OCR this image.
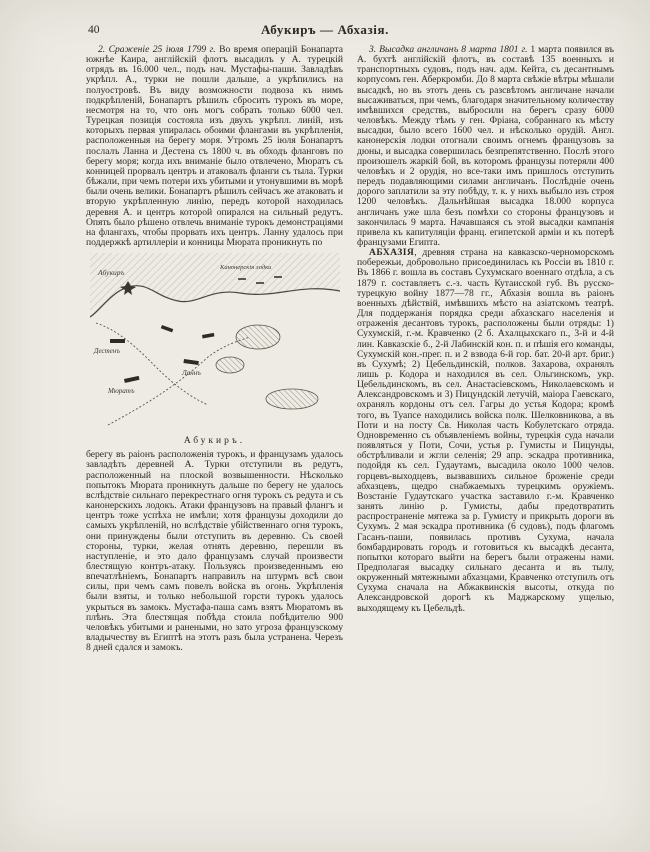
40	Абукиръ — Абхазія.

2. Сраженіе 25 іюля 1799 г. Во время операцій Бонапарта южнѣе Каира, англійскій флотъ высадилъ у А. турецкій отрядъ въ 16.000 чел., подъ нач. Мустафы-паши. Завладѣвъ укрѣпл. А., турки не пошли дальше, а укрѣпились на полуостровѣ. Въ виду возможности подвоза къ нимъ подкрѣпленій, Бонапартъ рѣшилъ сбросить турокъ въ море, несмотря на то, что онъ могъ собрать только 6000 чел. Турецкая позиція состояла изъ двухъ укрѣпл. линій, изъ которыхъ первая упиралась обоими флангами въ укрѣпленія, расположенныя на берегу моря. Утромъ 25 іюля Бонапартъ послалъ Ланна и Дестена съ 1800 ч. въ обходъ фланговъ по берегу моря; когда ихъ вниманіе было отвлечено, Мюратъ съ конницей прорвалъ центръ и атаковалъ фланги съ тыла. Турки бѣжали, при чемъ потери ихъ убитыми и утонувшими въ морѣ были очень велики. Бонапартъ рѣшилъ сейчасъ же атаковать и вторую укрѣпленную линію, передъ которой находилась деревня А. и центръ которой опирался на сильный редутъ. Опять было рѣшено отвлечь вниманіе турокъ демонстраціями на флангахъ, чтобы прорвать ихъ центръ. Ланну удалось при поддержкѣ артиллеріи и конницы Мюрата проникнуть по

Абукиръ
Канонерскія лодки
Дестенъ
Мюратъ
Ланнъ
Абукиръ.

берегу въ раіонъ расположенія турокъ, и французамъ удалось завладѣть деревней А. Турки отступили въ редутъ, расположенный на плоской возвышенности. Нѣсколько попытокъ Мюрата проникнуть дальше по берегу не удалось вслѣдствіе сильнаго перекрестнаго огня турокъ съ редута и съ канонерскихъ лодокъ. Атаки французовъ на правый флангъ и центръ тоже успѣха не имѣли; хотя французы доходили до самыхъ укрѣпленій, но вслѣдствіе убійственнаго огня турокъ, они принуждены были отступить въ деревню. Съ своей стороны, турки, желая отнять деревню, перешли въ наступленіе, и это дало французамъ случай произвести блестящую контръ-атаку. Пользуясь произведеннымъ ею впечатлѣніемъ, Бонапартъ направилъ на штурмъ всѣ свои силы, при чемъ самъ повелъ войска въ огонь. Укрѣпленія были взяты, и только небольшой горсти турокъ удалось укрыться въ замокъ. Мустафа-паша самъ взятъ Мюратомъ въ плѣнъ. Эта блестящая побѣда стоила побѣдителю 900 человѣкъ убитыми и ранеными, но зато угроза французскому владычеству въ Египтѣ на этотъ разъ была устранена. Черезъ 8 дней сдался и замокъ.

3. Высадка англичанъ 8 марта 1801 г. 1 марта появился въ А. бухтѣ англійскій флотъ, въ составѣ 135 военныхъ и транспортныхъ судовъ, подъ нач. адм. Кейта, съ десантнымъ корпусомъ ген. Аберкромби. До 8 марта свѣжіе вѣтры мѣшали высадкѣ, но въ этотъ день съ разсвѣтомъ англичане начали высаживаться, при чемъ, благодаря значительному количеству имѣвшихся средствъ, выбросили на берегъ сразу 6000 человѣкъ. Между тѣмъ у ген. Фріана, собраннаго къ мѣсту высадки, было всего 1600 чел. и нѣсколько орудій. Англ. канонерскія лодки отогнали своимъ огнемъ французовъ за дюны, и высадка совершилась безпрепятственно. Послѣ этого произошелъ жаркій бой, въ которомъ французы потеряли 400 человѣкъ и 2 орудія, но все-таки имъ пришлось отступить передъ подавляющими силами англичанъ. Послѣдніе очень дорого заплатили за эту побѣду, т. к. у нихъ выбыло изъ строя 1200 человѣкъ. Дальнѣйшая высадка 18.000 корпуса англичанъ уже шла безъ помѣхи со стороны французовъ и закончилась 9 марта. Начавшаяся съ этой высадки кампанія привела къ капитуляціи франц. египетской арміи и къ потерѣ французами Египта.

АБХАЗІЯ, древняя страна на кавказско-черноморскомъ побережьи, добровольно присоединилась къ Россіи въ 1810 г. Въ 1866 г. вошла въ составъ Сухумскаго военнаго отдѣла, а съ 1879 г. составляетъ с.-з. часть Кутаисской губ. Въ русско-турецкую войну 1877—78 гг., Абхазія вошла въ раіонъ военныхъ дѣйствій, имѣвшихъ мѣсто на азіатскомъ театрѣ. Для поддержанія порядка среди абхазскаго населенія и отраженія десантовъ турокъ, расположены были отряды: 1) Сухумскій, г.-м. Кравченко (2 б. Ахалцыхскаго п., 3-й и 4-й лин. Кавказскіе б., 2-й Лабинскій кон. п. и пѣшія его команды, Сухумскій кон.-прег. п. и 2 взвода 6-й гор. бат. 20-й арт. бриг.) въ Сухумѣ; 2) Цебельдинскій, полков. Захарова, охранялъ лишь р. Кодора и находился въ сел. Ольгинскомъ, укр. Цебельдинскомъ, въ сел. Анастасіевскомъ, Николаевскомъ и Александровскомъ и 3) Пицундскій летучій, маіора Гаевскаго, охранялъ кордоны отъ сел. Гагры до устья Кодора; кромѣ того, въ Туапсе находились войска полк. Шелковникова, а въ Поти и на посту Св. Николая часть Кобулетскаго отряда. Одновременно съ объявленіемъ войны, турецкія суда начали появляться у Поти, Сочи, устья р. Гумисты и Пицунды, обстрѣливали и жгли селенія; 29 апр. эскадра противника, подойдя къ сел. Гудаутамъ, высадила около 1000 челов. горцевъ-выходцевъ, вызвавшихъ сильное броженіе среди абхазцевъ, щедро снабжаемыхъ турецкимъ оружіемъ. Возстаніе Гудаутскаго участка заставило г.-м. Кравченко занять линію р. Гумисты, дабы предотвратить распространеніе мятежа за р. Гумисту и прикрыть дороги въ Сухумъ. 2 мая эскадра противника (6 судовъ), подъ флагомъ Гасанъ-паши, появилась противъ Сухума, начала бомбардировать городъ и готовиться къ высадкѣ десанта, попытки котораго выйти на берегъ были отражены нами. Предполагая высадку сильнаго десанта и въ тылу, окруженный мятежными абхазцами, Кравченко отступилъ отъ Сухума сначала на Абжаквинскія высоты, откуда по Александровской дорогѣ къ Маджарскому ущелью, выходящему къ Цебельдѣ.
